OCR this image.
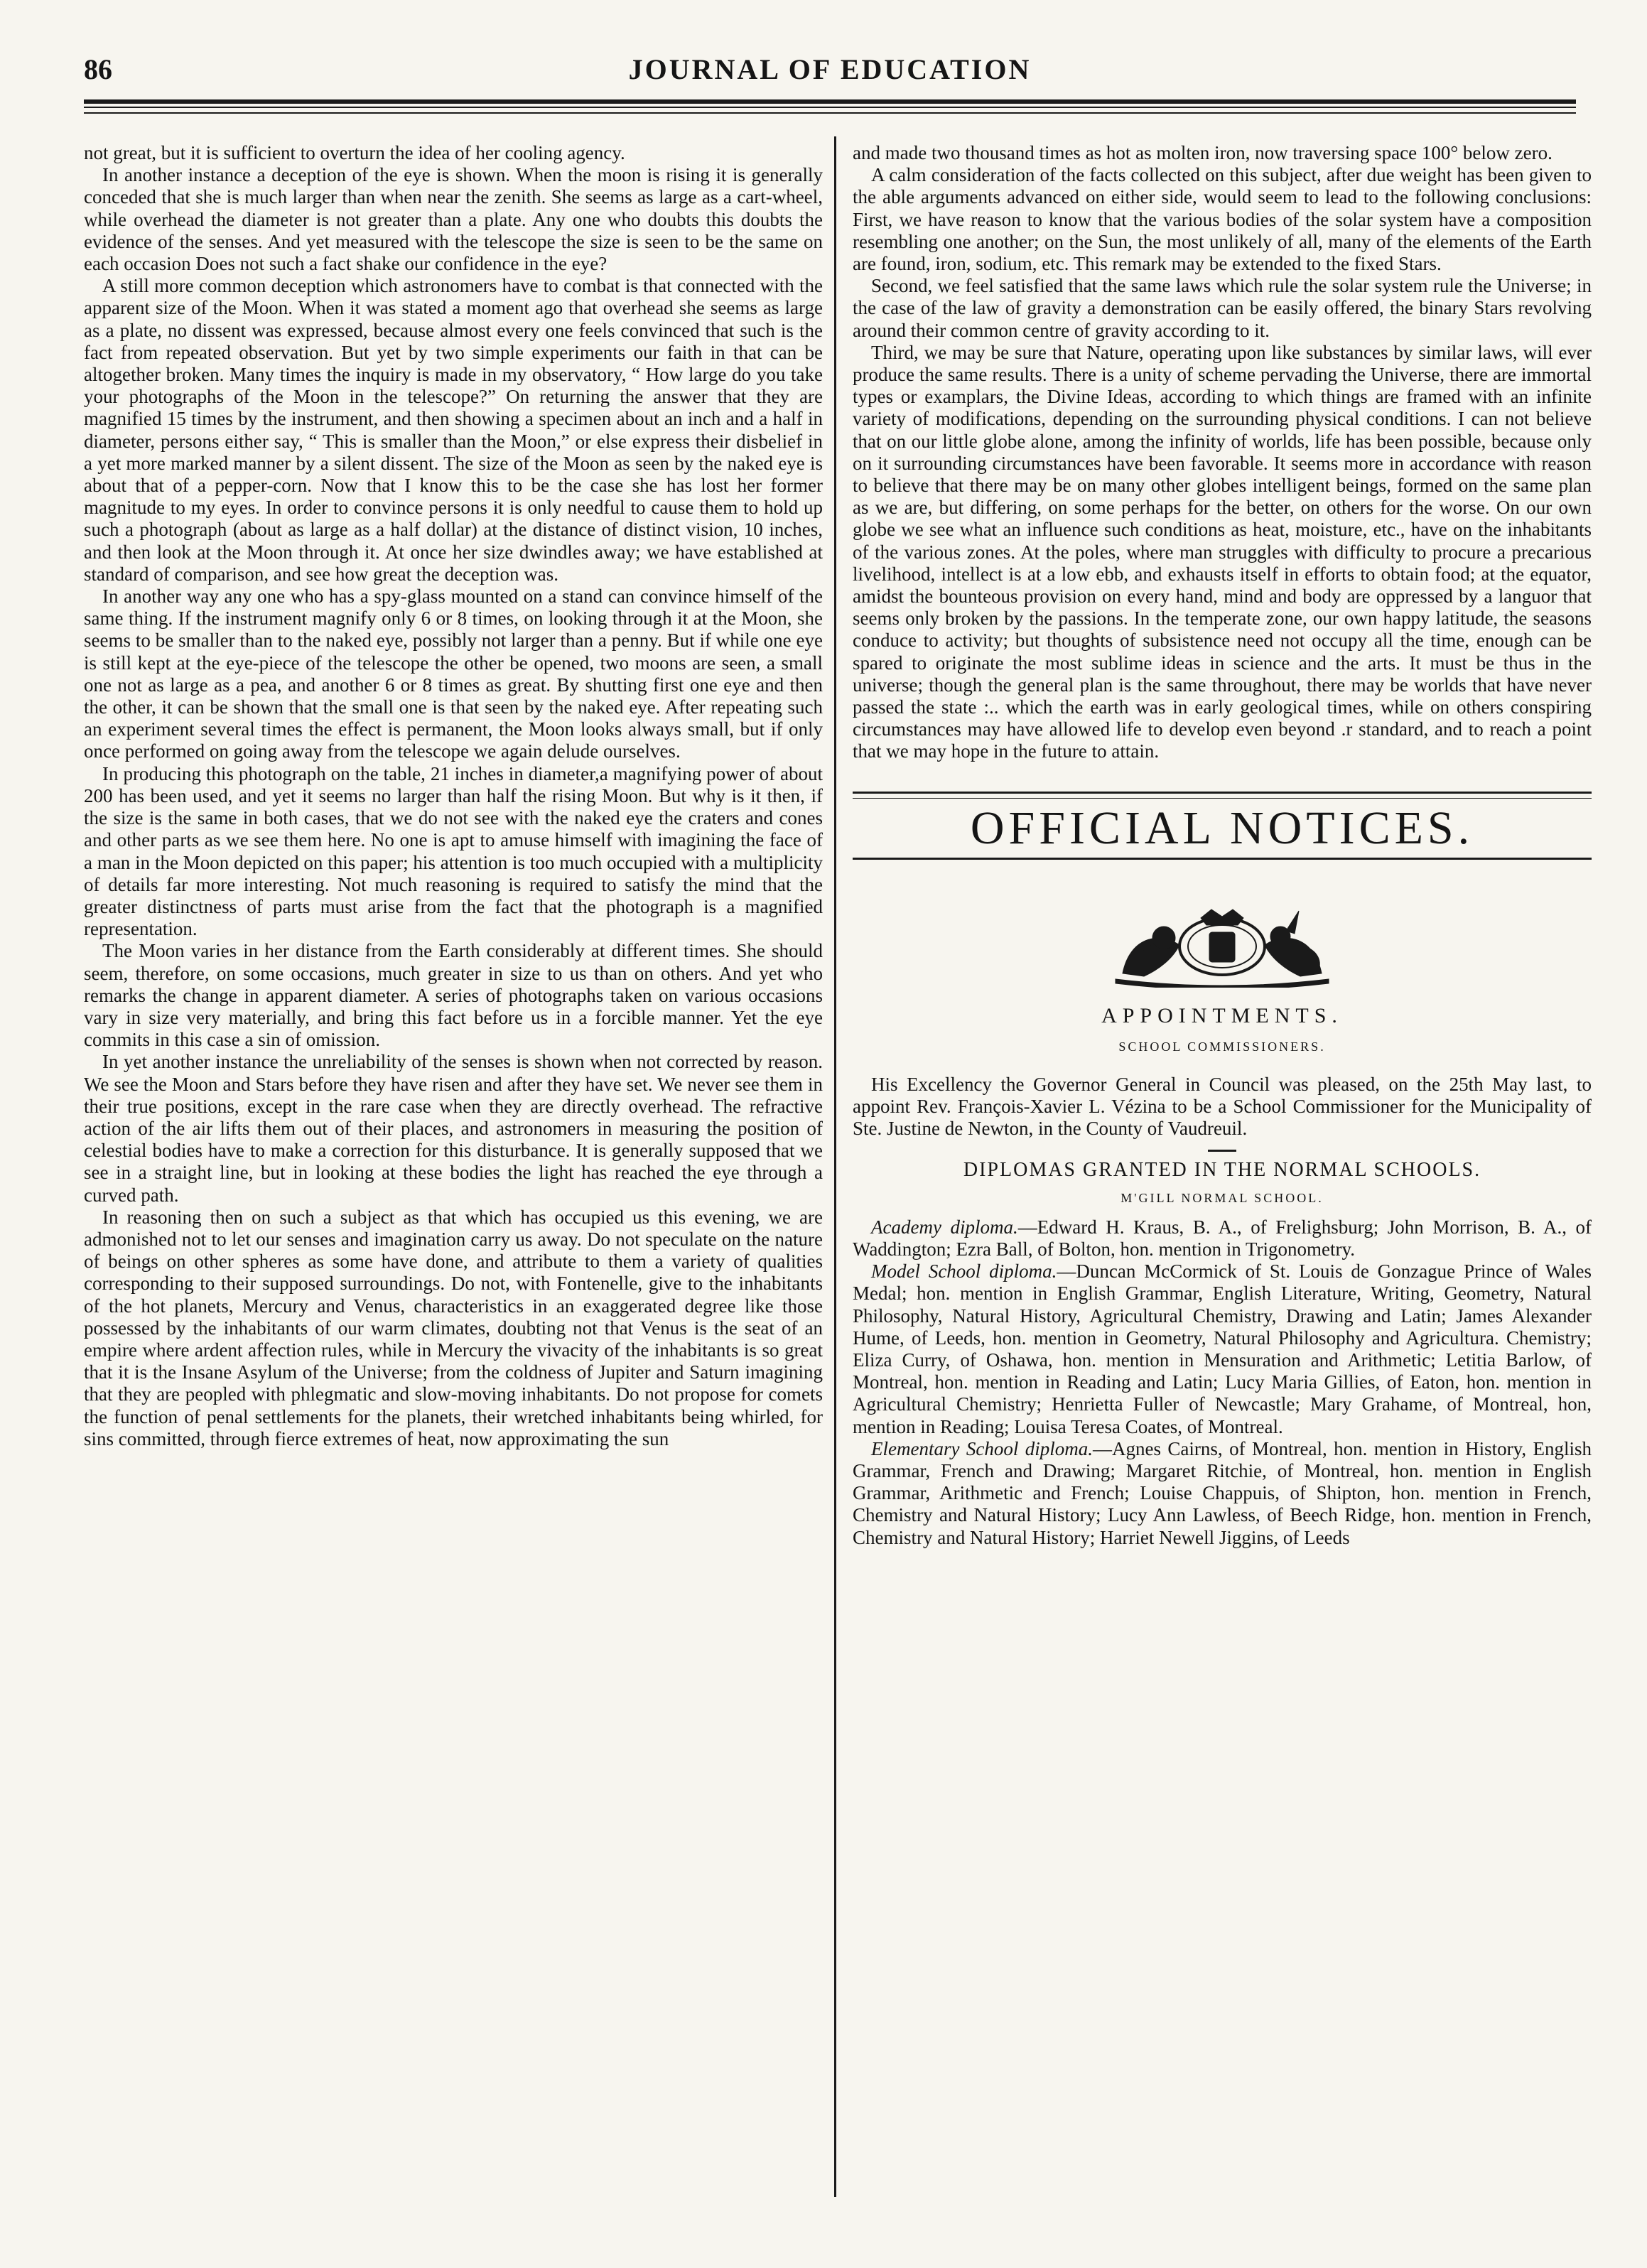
86	JOURNAL OF EDUCATION

not great, but it is sufficient to overturn the idea of her cooling agency.

In another instance a deception of the eye is shown. When the moon is rising it is generally conceded that she is much larger than when near the zenith. She seems as large as a cart-wheel, while overhead the diameter is not greater than a plate. Any one who doubts this doubts the evidence of the senses. And yet measured with the telescope the size is seen to be the same on each occasion Does not such a fact shake our confidence in the eye?

A still more common deception which astronomers have to combat is that connected with the apparent size of the Moon. When it was stated a moment ago that overhead she seems as large as a plate, no dissent was expressed, because almost every one feels convinced that such is the fact from repeated observation. But yet by two simple experiments our faith in that can be altogether broken. Many times the inquiry is made in my observatory, “ How large do you take your photographs of the Moon in the telescope?” On returning the answer that they are magnified 15 times by the instrument, and then showing a specimen about an inch and a half in diameter, persons either say, “ This is smaller than the Moon,” or else express their disbelief in a yet more marked manner by a silent dissent. The size of the Moon as seen by the naked eye is about that of a pepper-corn. Now that I know this to be the case she has lost her former magnitude to my eyes. In order to convince persons it is only needful to cause them to hold up such a photograph (about as large as a half dollar) at the distance of distinct vision, 10 inches, and then look at the Moon through it. At once her size dwindles away; we have established at standard of comparison, and see how great the deception was.

In another way any one who has a spy-glass mounted on a stand can convince himself of the same thing. If the instrument magnify only 6 or 8 times, on looking through it at the Moon, she seems to be smaller than to the naked eye, possibly not larger than a penny. But if while one eye is still kept at the eye-piece of the telescope the other be opened, two moons are seen, a small one not as large as a pea, and another 6 or 8 times as great. By shutting first one eye and then the other, it can be shown that the small one is that seen by the naked eye. After repeating such an experiment several times the effect is permanent, the Moon looks always small, but if only once performed on going away from the telescope we again delude ourselves.

In producing this photograph on the table, 21 inches in diameter,a magnifying power of about 200 has been used, and yet it seems no larger than half the rising Moon. But why is it then, if the size is the same in both cases, that we do not see with the naked eye the craters and cones and other parts as we see them here. No one is apt to amuse himself with imagining the face of a man in the Moon depicted on this paper; his attention is too much occupied with a multiplicity of details far more interesting. Not much reasoning is required to satisfy the mind that the greater distinctness of parts must arise from the fact that the photograph is a magnified representation.

The Moon varies in her distance from the Earth considerably at different times. She should seem, therefore, on some occasions, much greater in size to us than on others. And yet who remarks the change in apparent diameter. A series of photographs taken on various occasions vary in size very materially, and bring this fact before us in a forcible manner. Yet the eye commits in this case a sin of omission.

In yet another instance the unreliability of the senses is shown when not corrected by reason. We see the Moon and Stars before they have risen and after they have set. We never see them in their true positions, except in the rare case when they are directly overhead. The refractive action of the air lifts them out of their places, and astronomers in measuring the position of celestial bodies have to make a correction for this disturbance. It is generally supposed that we see in a straight line, but in looking at these bodies the light has reached the eye through a curved path.

In reasoning then on such a subject as that which has occupied us this evening, we are admonished not to let our senses and imagination carry us away. Do not speculate on the nature of beings on other spheres as some have done, and attribute to them a variety of qualities corresponding to their supposed surroundings. Do not, with Fontenelle, give to the inhabitants of the hot planets, Mercury and Venus, characteristics in an exaggerated degree like those possessed by the inhabitants of our warm climates, doubting not that Venus is the seat of an empire where ardent affection rules, while in Mercury the vivacity of the inhabitants is so great that it is the Insane Asylum of the Universe; from the coldness of Jupiter and Saturn imagining that they are peopled with phlegmatic and slow-moving inhabitants. Do not propose for comets the function of penal settlements for the planets, their wretched inhabitants being whirled, for sins committed, through fierce extremes of heat, now approximating the sun

and made two thousand times as hot as molten iron, now traversing space 100° below zero.

A calm consideration of the facts collected on this subject, after due weight has been given to the able arguments advanced on either side, would seem to lead to the following conclusions: First, we have reason to know that the various bodies of the solar system have a composition resembling one another; on the Sun, the most unlikely of all, many of the elements of the Earth are found, iron, sodium, etc. This remark may be extended to the fixed Stars.

Second, we feel satisfied that the same laws which rule the solar system rule the Universe; in the case of the law of gravity a demonstration can be easily offered, the binary Stars revolving around their common centre of gravity according to it.

Third, we may be sure that Nature, operating upon like substances by similar laws, will ever produce the same results. There is a unity of scheme pervading the Universe, there are immortal types or examplars, the Divine Ideas, according to which things are framed with an infinite variety of modifications, depending on the surrounding physical conditions. I can not believe that on our little globe alone, among the infinity of worlds, life has been possible, because only on it surrounding circumstances have been favorable. It seems more in accordance with reason to believe that there may be on many other globes intelligent beings, formed on the same plan as we are, but differing, on some perhaps for the better, on others for the worse. On our own globe we see what an influence such conditions as heat, moisture, etc., have on the inhabitants of the various zones. At the poles, where man struggles with difficulty to procure a precarious livelihood, intellect is at a low ebb, and exhausts itself in efforts to obtain food; at the equator, amidst the bounteous provision on every hand, mind and body are oppressed by a languor that seems only broken by the passions. In the temperate zone, our own happy latitude, the seasons conduce to activity; but thoughts of subsistence need not occupy all the time, enough can be spared to originate the most sublime ideas in science and the arts. It must be thus in the universe; though the general plan is the same throughout, there may be worlds that have never passed the state :.. which the earth was in early geological times, while on others conspiring circumstances may have allowed life to develop even beyond .r standard, and to reach a point that we may hope in the future to attain.

OFFICIAL NOTICES.
APPOINTMENTS.
SCHOOL COMMISSIONERS.

His Excellency the Governor General in Council was pleased, on the 25th May last, to appoint Rev. François-Xavier L. Vézina to be a School Commissioner for the Municipality of Ste. Justine de Newton, in the County of Vaudreuil.

DIPLOMAS GRANTED IN THE NORMAL SCHOOLS.
M'GILL NORMAL SCHOOL.

Academy diploma.—Edward H. Kraus, B. A., of Frelighsburg; John Morrison, B. A., of Waddington; Ezra Ball, of Bolton, hon. mention in Trigonometry.

Model School diploma.—Duncan McCormick of St. Louis de Gonzague Prince of Wales Medal; hon. mention in English Grammar, English Literature, Writing, Geometry, Natural Philosophy, Natural History, Agricultural Chemistry, Drawing and Latin; James Alexander Hume, of Leeds, hon. mention in Geometry, Natural Philosophy and Agricultura. Chemistry; Eliza Curry, of Oshawa, hon. mention in Mensuration and Arithmetic; Letitia Barlow, of Montreal, hon. mention in Reading and Latin; Lucy Maria Gillies, of Eaton, hon. mention in Agricultural Chemistry; Henrietta Fuller of Newcastle; Mary Grahame, of Montreal, hon, mention in Reading; Louisa Teresa Coates, of Montreal.

Elementary School diploma.—Agnes Cairns, of Montreal, hon. mention in History, English Grammar, French and Drawing; Margaret Ritchie, of Montreal, hon. mention in English Grammar, Arithmetic and French; Louise Chappuis, of Shipton, hon. mention in French, Chemistry and Natural History; Lucy Ann Lawless, of Beech Ridge, hon. mention in French, Chemistry and Natural History; Harriet Newell Jiggins, of Leeds
